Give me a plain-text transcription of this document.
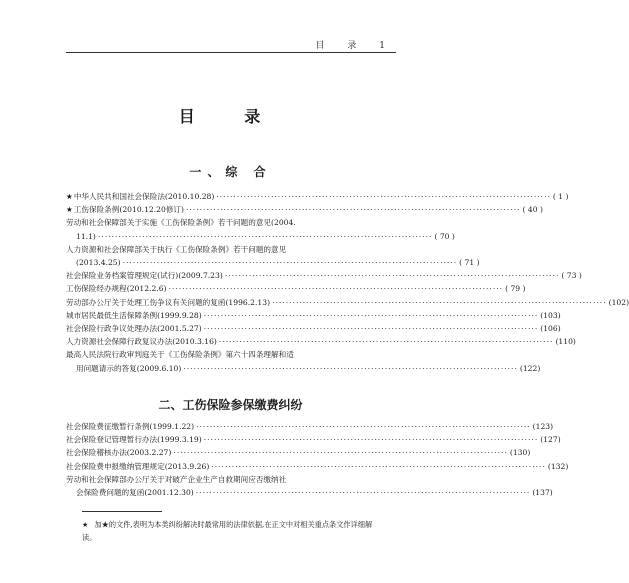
目 录 1
目 录
一、综 合
★ 中华人民共和国社会保险法(2010.10.28) ·································································································· ( 1 )
★ 工伤保险条例(2010.12.20修订) ·································································································· ( 40 )
劳动和社会保障部关于实施《工伤保险条例》若干问题的意见(2004.
11.1) ·································································································· ( 70 )
人力资源和社会保障部关于执行《工伤保险条例》若干问题的意见
(2013.4.25) ·································································································· ( 71 )
社会保险业务档案管理规定(试行)(2009.7.23) ·································································································· ( 73 )
工伤保险经办规程(2012.2.6) ·································································································· ( 79 )
劳动部办公厅关于处理工伤争议有关问题的复函(1996.2.13) ·································································································· (102)
城市居民最低生活保障条例(1999.9.28) ·································································································· (103)
社会保险行政争议处理办法(2001.5.27) ·································································································· (106)
人力资源社会保障行政复议办法(2010.3.16) ·································································································· (110)
最高人民法院行政审判庭关于《工伤保险条例》第六十四条理解和适
用问题请示的答复(2009.6.10) ·································································································· (122)
二、工伤保险参保缴费纠纷
社会保险费征缴暂行条例(1999.1.22) ·································································································· (123)
社会保险登记管理暂行办法(1999.3.19) ·································································································· (127)
社会保险稽核办法(2003.2.27) ·································································································· (130)
社会保险费申报缴纳管理规定(2013.9.26) ·································································································· (132)
劳动和社会保障部办公厅关于对破产企业生产自救期间应否缴纳社
会保险费问题的复函(2001.12.30) ·································································································· (137)
★ 加★的文件,表明为本类纠纷解决时最常用的法律依据,在正文中对相关重点条文作详细解读。
